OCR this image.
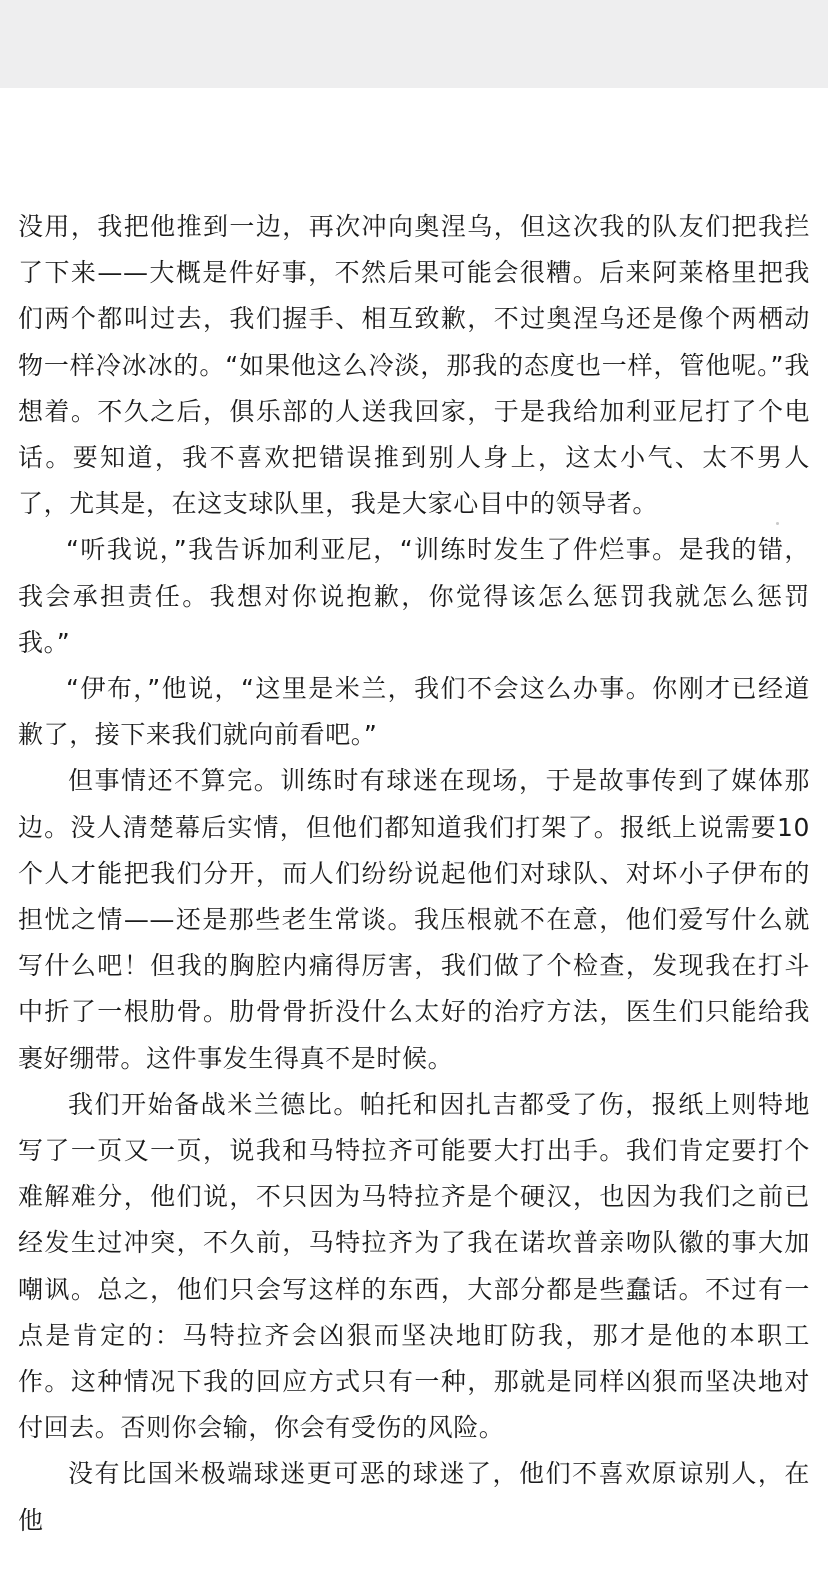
没用，我把他推到一边，再次冲向奥涅乌，但这次我的队友们把我拦了下来——大概是件好事，不然后果可能会很糟。后来阿莱格里把我们两个都叫过去，我们握手、相互致歉，不过奥涅乌还是像个两栖动物一样冷冰冰的。“如果他这么冷淡，那我的态度也一样，管他呢。”我想着。不久之后，俱乐部的人送我回家，于是我给加利亚尼打了个电话。要知道，我不喜欢把错误推到别人身上，这太小气、太不男人了，尤其是，在这支球队里，我是大家心目中的领导者。

“听我说，”我告诉加利亚尼，“训练时发生了件烂事。是我的错，我会承担责任。我想对你说抱歉，你觉得该怎么惩罚我就怎么惩罚我。”

“伊布，”他说，“这里是米兰，我们不会这么办事。你刚才已经道歉了，接下来我们就向前看吧。”

但事情还不算完。训练时有球迷在现场，于是故事传到了媒体那边。没人清楚幕后实情，但他们都知道我们打架了。报纸上说需要10个人才能把我们分开，而人们纷纷说起他们对球队、对坏小子伊布的担忧之情——还是那些老生常谈。我压根就不在意，他们爱写什么就写什么吧！但我的胸腔内痛得厉害，我们做了个检查，发现我在打斗中折了一根肋骨。肋骨骨折没什么太好的治疗方法，医生们只能给我裹好绷带。这件事发生得真不是时候。

我们开始备战米兰德比。帕托和因扎吉都受了伤，报纸上则特地写了一页又一页，说我和马特拉齐可能要大打出手。我们肯定要打个难解难分，他们说，不只因为马特拉齐是个硬汉，也因为我们之前已经发生过冲突，不久前，马特拉齐为了我在诺坎普亲吻队徽的事大加嘲讽。总之，他们只会写这样的东西，大部分都是些蠢话。不过有一点是肯定的：马特拉齐会凶狠而坚决地盯防我，那才是他的本职工作。这种情况下我的回应方式只有一种，那就是同样凶狠而坚决地对付回去。否则你会输，你会有受伤的风险。

没有比国米极端球迷更可恶的球迷了，他们不喜欢原谅别人，在他
